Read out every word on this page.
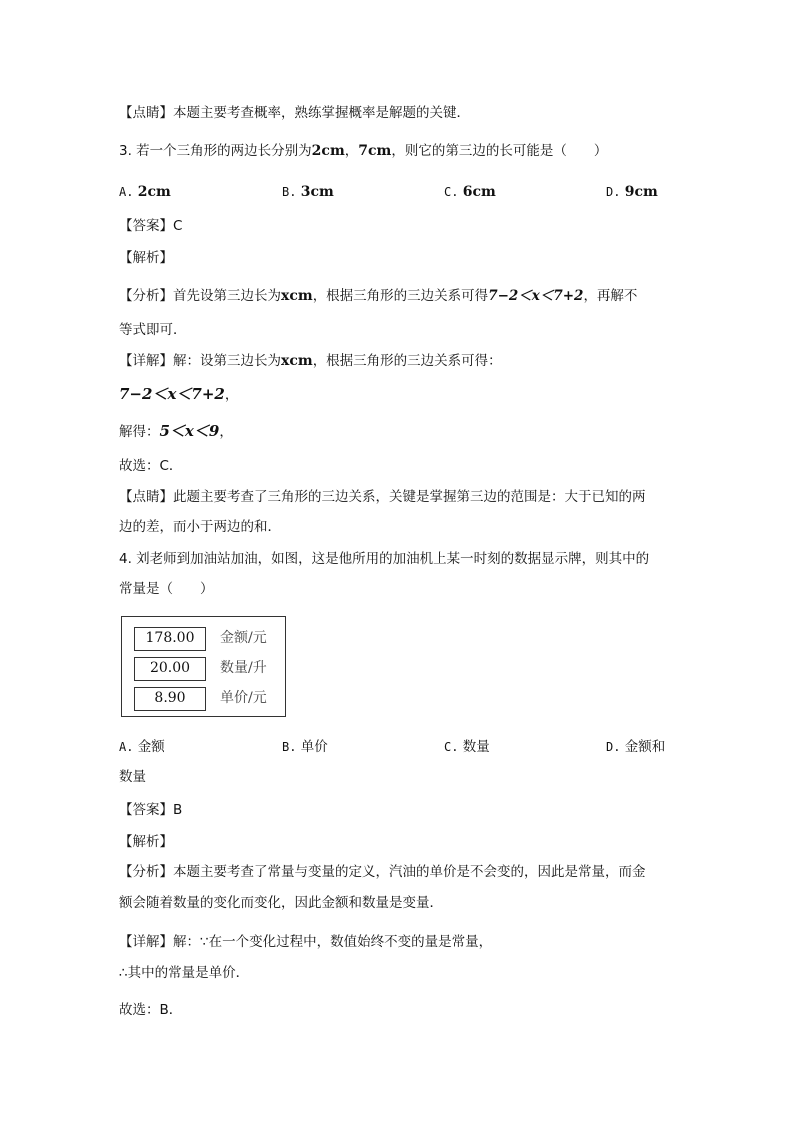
【点睛】本题主要考查概率，熟练掌握概率是解题的关键．
3. 若一个三角形的两边长分别为2cm，7cm，则它的第三边的长可能是（　　）
A. 2cm	B. 3cm	C. 6cm	D. 9cm
【答案】C
【解析】
【分析】首先设第三边长为xcm，根据三角形的三边关系可得7−2＜x＜7+2，再解不
等式即可．
【详解】解：设第三边长为xcm，根据三角形的三边关系可得：
7−2＜x＜7+2，
解得：5＜x＜9，
故选：C．
【点睛】此题主要考查了三角形的三边关系，关键是掌握第三边的范围是：大于已知的两
边的差，而小于两边的和．
4. 刘老师到加油站加油，如图，这是他所用的加油机上某一时刻的数据显示牌，则其中的
常量是（　　）
178.00	金额/元
20.00	数量/升
8.90	单价/元
A. 金额	B. 单价	C. 数量	D. 金额和
数量
【答案】B
【解析】
【分析】本题主要考查了常量与变量的定义，汽油的单价是不会变的，因此是常量，而金
额会随着数量的变化而变化，因此金额和数量是变量．
【详解】解：∵在一个变化过程中，数值始终不变的量是常量，
∴其中的常量是单价．
故选：B．
